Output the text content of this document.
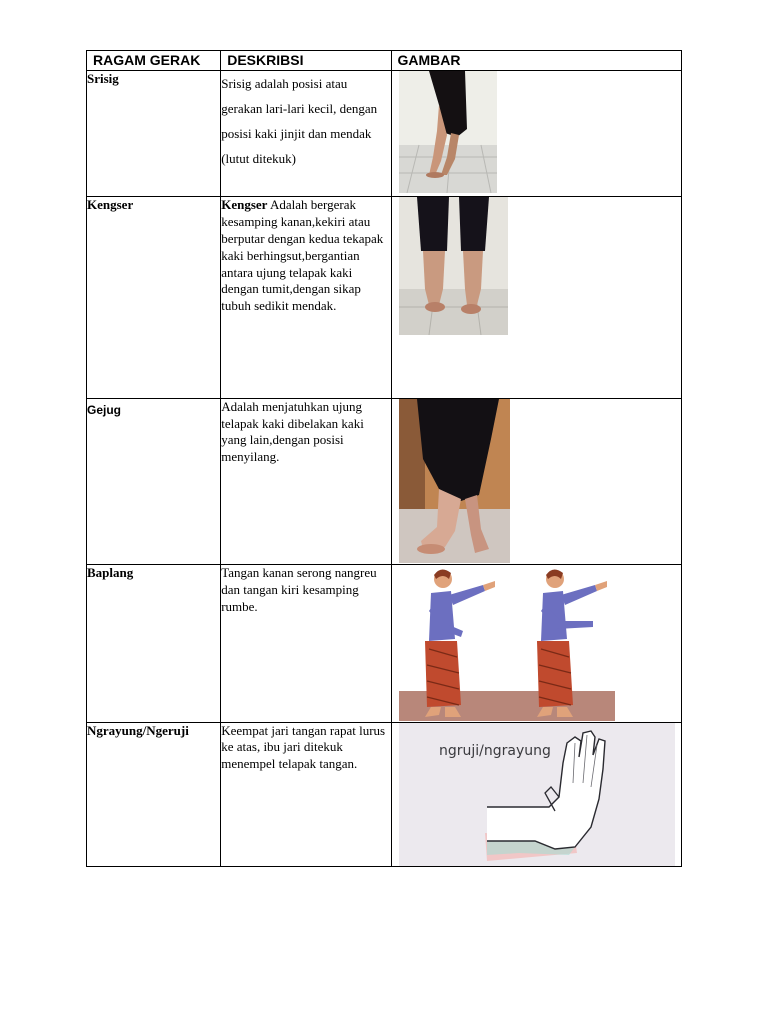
RAGAM GERAK	DESKRIBSI	GAMBAR
Srisig	Srisig adalah posisi atau gerakan lari-lari kecil, dengan posisi kaki jinjit dan mendak (lutut ditekuk)	

Kengser	Kengser Adalah bergerak kesamping kanan,kekiri atau berputar dengan kedua tekapak kaki berhingsut,bergantian antara ujung telapak kaki dengan tumit,dengan sikap tubuh sedikit mendak.	

Gejug	Adalah menjatuhkan ujung telapak kaki dibelakan kaki yang lain,dengan posisi menyilang.	

Baplang	Tangan kanan serong nangreu dan tangan kiri kesamping rumbe.	

Ngrayung/Ngeruji	Keempat jari tangan rapat lurus ke atas, ibu jari ditekuk menempel telapak tangan.	ngruji/ngrayung
